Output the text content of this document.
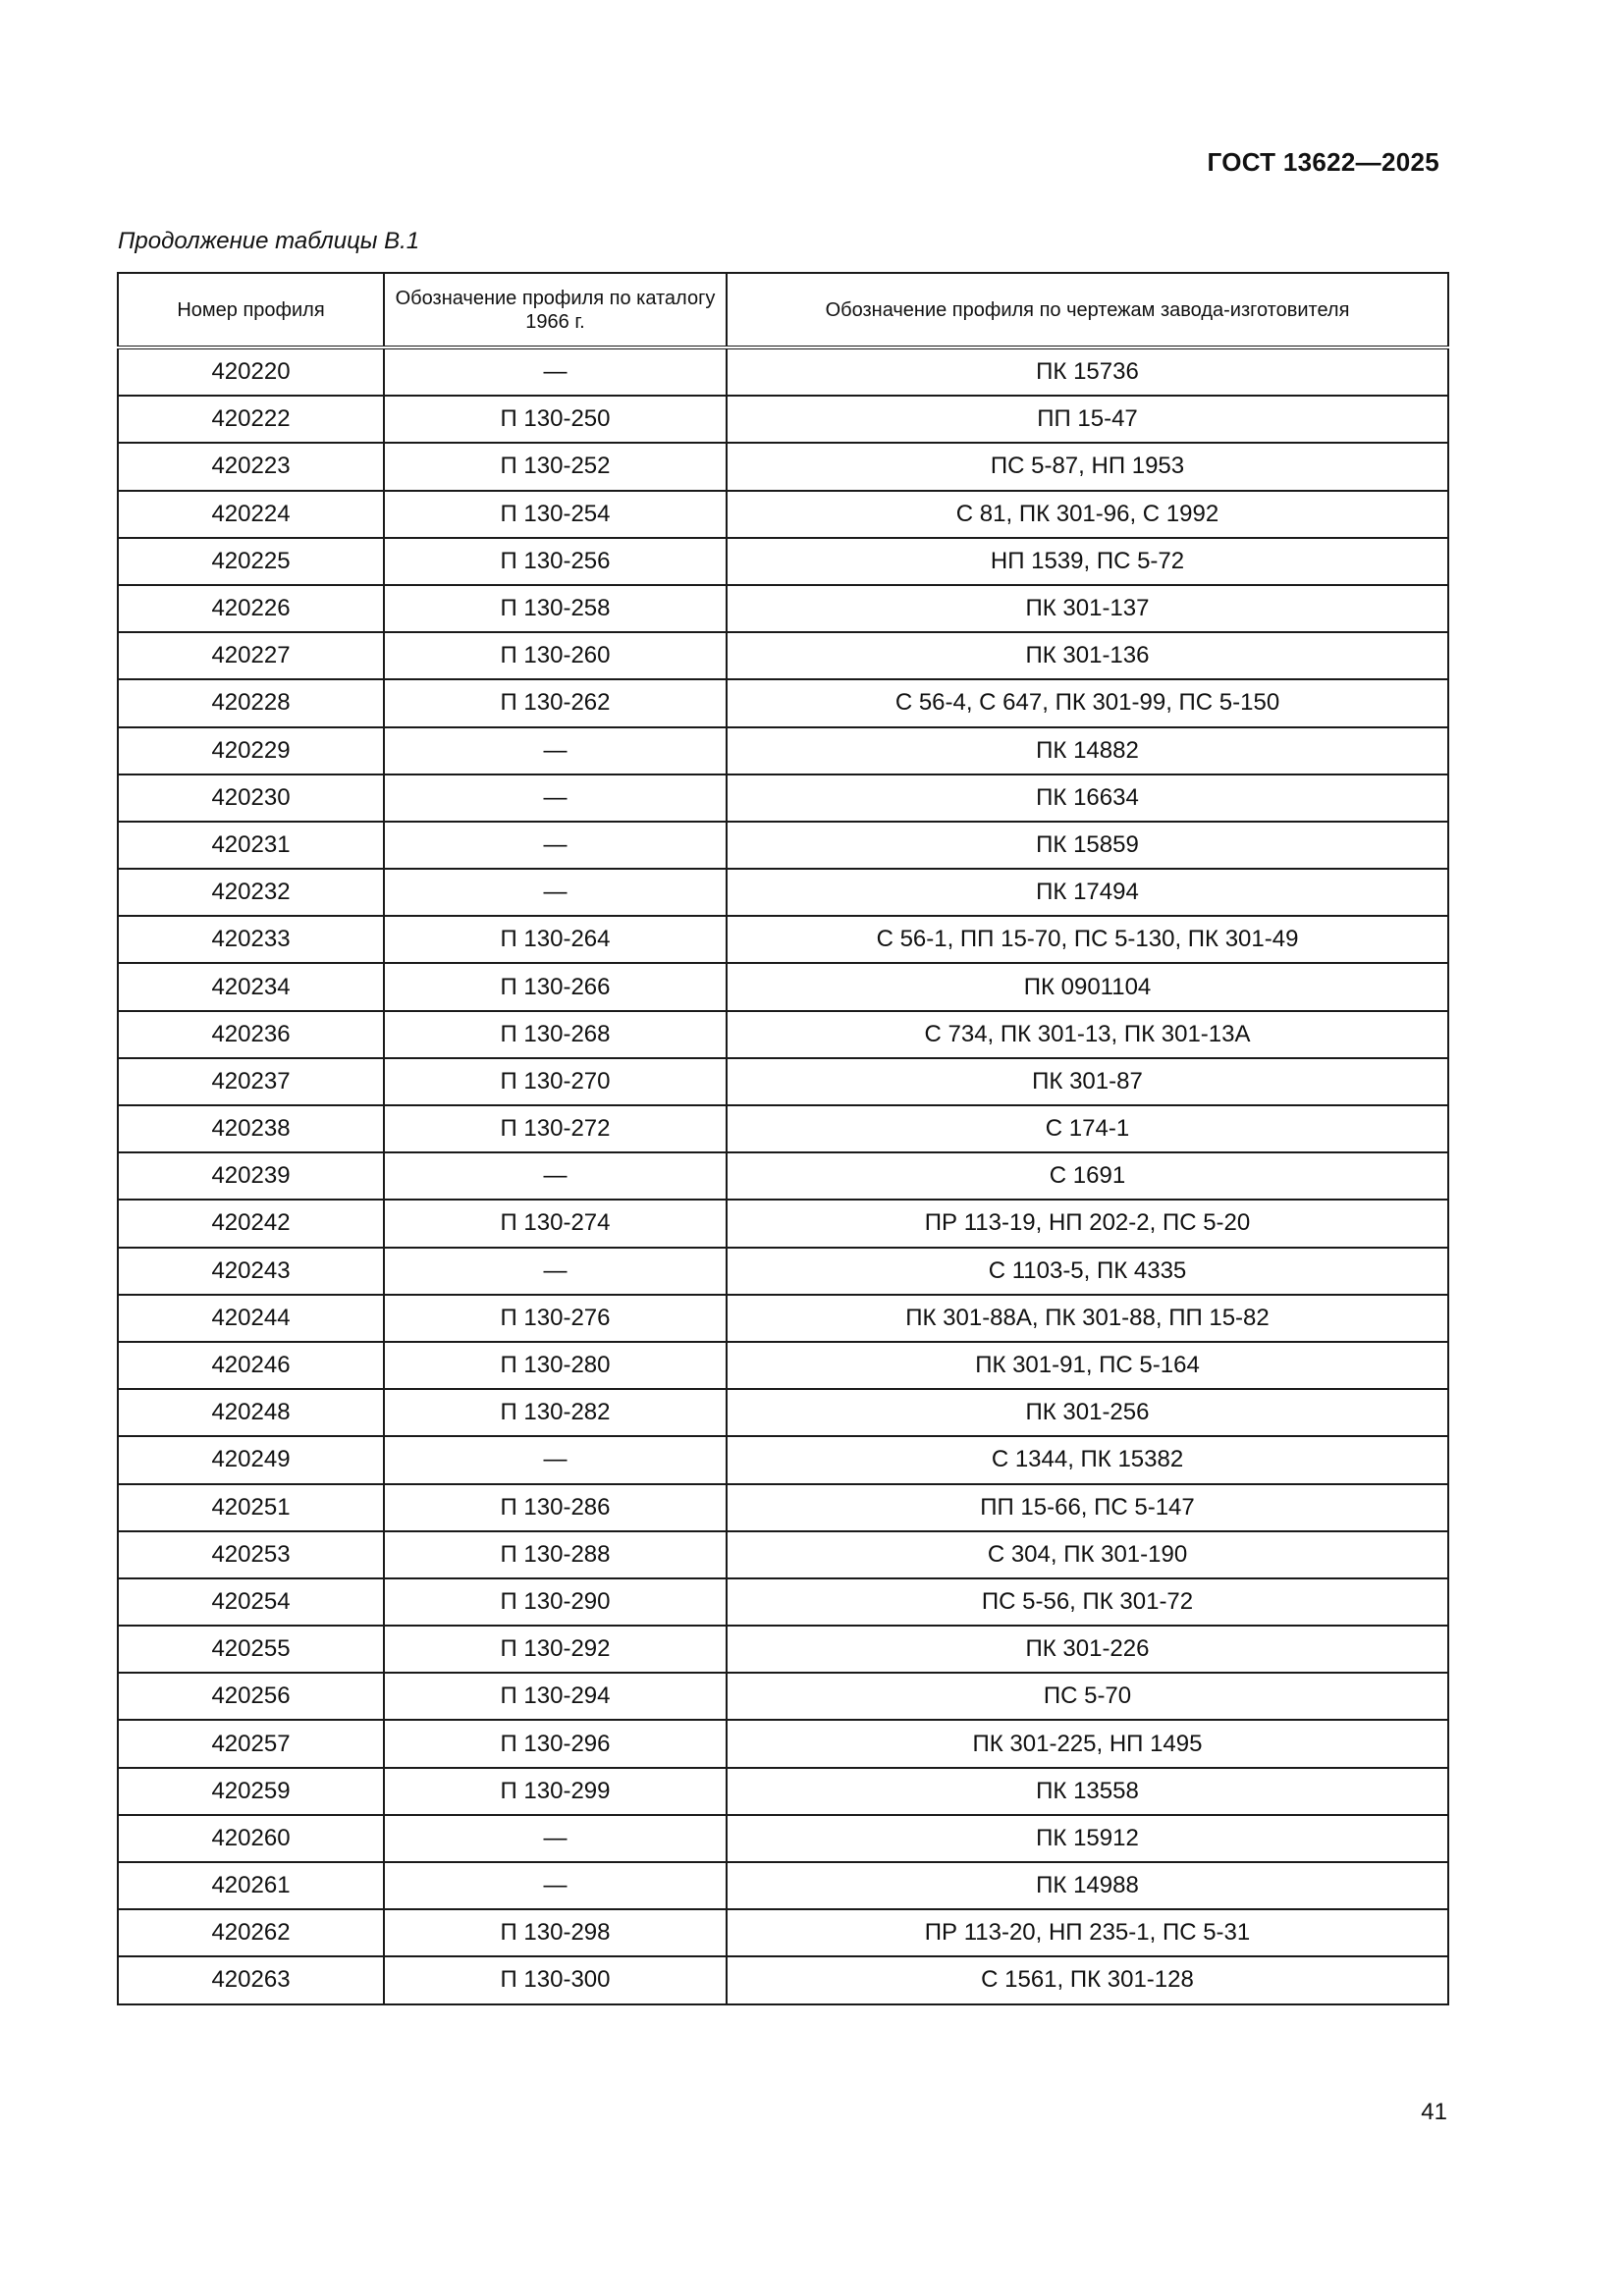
ГОСТ 13622—2025
Продолжение таблицы В.1
Номер профиля	Обозначение профиля по каталогу 1966 г.	Обозначение профиля по чертежам завода-изготовителя
420220	—	ПК 15736
420222	П 130-250	ПП 15-47
420223	П 130-252	ПС 5-87, НП 1953
420224	П 130-254	С 81, ПК 301-96, С 1992
420225	П 130-256	НП 1539, ПС 5-72
420226	П 130-258	ПК 301-137
420227	П 130-260	ПК 301-136
420228	П 130-262	С 56-4, С 647, ПК 301-99, ПС 5-150
420229	—	ПК 14882
420230	—	ПК 16634
420231	—	ПК 15859
420232	—	ПК 17494
420233	П 130-264	С 56-1, ПП 15-70, ПС 5-130, ПК 301-49
420234	П 130-266	ПК 0901104
420236	П 130-268	С 734, ПК 301-13, ПК 301-13А
420237	П 130-270	ПК 301-87
420238	П 130-272	С 174-1
420239	—	С 1691
420242	П 130-274	ПР 113-19, НП 202-2, ПС 5-20
420243	—	С 1103-5, ПК 4335
420244	П 130-276	ПК 301-88А, ПК 301-88, ПП 15-82
420246	П 130-280	ПК 301-91, ПС 5-164
420248	П 130-282	ПК 301-256
420249	—	С 1344, ПК 15382
420251	П 130-286	ПП 15-66, ПС 5-147
420253	П 130-288	С 304, ПК 301-190
420254	П 130-290	ПС 5-56, ПК 301-72
420255	П 130-292	ПК 301-226
420256	П 130-294	ПС 5-70
420257	П 130-296	ПК 301-225, НП 1495
420259	П 130-299	ПК 13558
420260	—	ПК 15912
420261	—	ПК 14988
420262	П 130-298	ПР 113-20, НП 235-1, ПС 5-31
420263	П 130-300	С 1561, ПК 301-128
41
